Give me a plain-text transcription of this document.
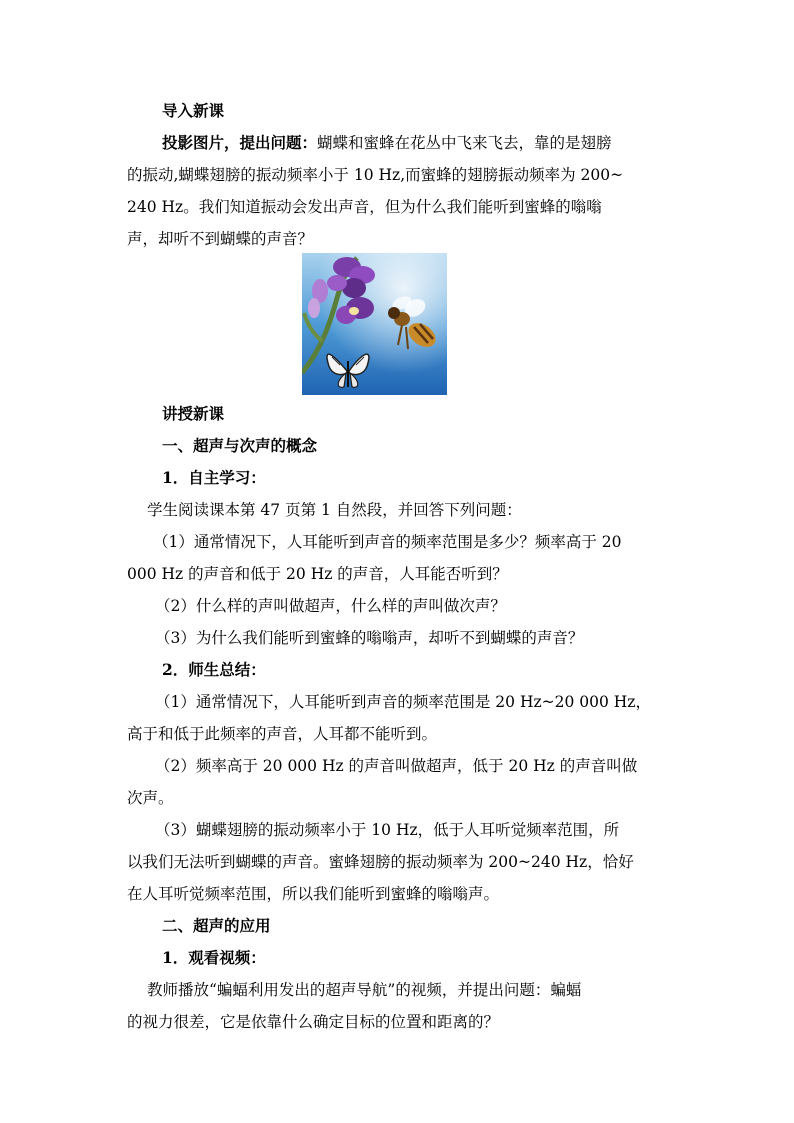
导入新课
投影图片，提出问题：蝴蝶和蜜蜂在花丛中飞来飞去，靠的是翅膀
的振动,蝴蝶翅膀的振动频率小于 10 Hz,而蜜蜂的翅膀振动频率为 200~
240 Hz。我们知道振动会发出声音，但为什么我们能听到蜜蜂的嗡嗡
声，却听不到蝴蝶的声音？
讲授新课
一、超声与次声的概念
1．自主学习：
学生阅读课本第 47 页第 1 自然段，并回答下列问题：
（1）通常情况下，人耳能听到声音的频率范围是多少？频率高于 20
000 Hz 的声音和低于 20 Hz 的声音，人耳能否听到？
（2）什么样的声叫做超声，什么样的声叫做次声？
（3）为什么我们能听到蜜蜂的嗡嗡声，却听不到蝴蝶的声音？
2．师生总结：
（1）通常情况下，人耳能听到声音的频率范围是 20 Hz~20 000 Hz，
高于和低于此频率的声音，人耳都不能听到。
（2）频率高于 20 000 Hz 的声音叫做超声，低于 20 Hz 的声音叫做
次声。
（3）蝴蝶翅膀的振动频率小于 10 Hz，低于人耳听觉频率范围，所
以我们无法听到蝴蝶的声音。蜜蜂翅膀的振动频率为 200~240 Hz，恰好
在人耳听觉频率范围，所以我们能听到蜜蜂的嗡嗡声。
二、超声的应用
1．观看视频：
教师播放“蝙蝠利用发出的超声导航”的视频，并提出问题：蝙蝠
的视力很差，它是依靠什么确定目标的位置和距离的？
